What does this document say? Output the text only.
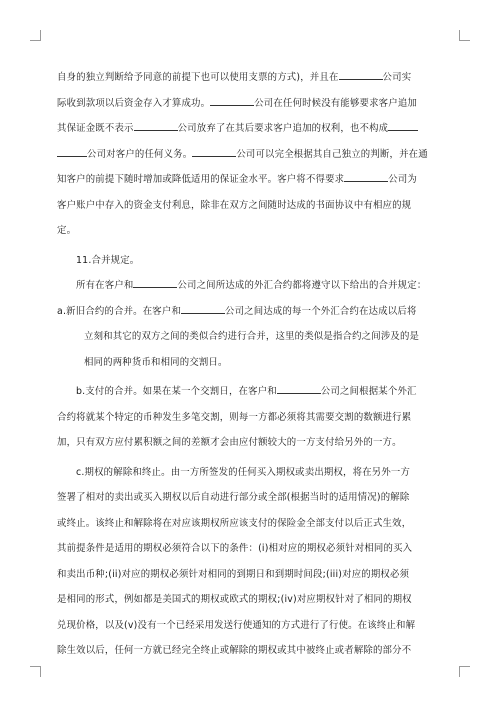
自身的独立判断给予同意的前提下也可以使用支票的方式)，并且在	公司实
际收到款项以后资金存入才算成功。	公司在任何时候没有能够要求客户追加
其保证金既不表示	公司放弃了在其后要求客户追加的权利，也不构成
公司对客户的任何义务。	公司可以完全根据其自己独立的判断，并在通
知客户的前提下随时增加或降低适用的保证金水平。客户将不得要求	公司为
客户账户中存入的资金支付利息，除非在双方之间随时达成的书面协议中有相应的规
定。
11.合并规定。
所有在客户和	公司之间所达成的外汇合约都将遵守以下给出的合并规定：
a.新旧合约的合并。在客户和	公司之间达成的每一个外汇合约在达成以后将
立刻和其它的双方之间的类似合约进行合并，这里的类似是指合约之间涉及的是
相同的两种货币和相同的交割日。
b.支付的合并。如果在某一个交割日，在客户和	公司之间根据某个外汇
合约将就某个特定的币种发生多笔交割，则每一方都必须将其需要交割的数额进行累
加，只有双方应付累积额之间的差额才会由应付额较大的一方支付给另外的一方。
c.期权的解除和终止。由一方所签发的任何买入期权或卖出期权，将在另外一方
签署了相对的卖出或买入期权以后自动进行部分或全部(根据当时的适用情况)的解除
或终止。该终止和解除将在对应该期权所应该支付的保险金全部支付以后正式生效，
其前提条件是适用的期权必须符合以下的条件：(i)相对应的期权必须针对相同的买入
和卖出币种;(ii)对应的期权必须针对相同的到期日和到期时间段;(iii)对应的期权必须
是相同的形式，例如都是美国式的期权或欧式的期权;(iv)对应期权针对了相同的期权
兑现价格，以及(v)没有一个已经采用发送行使通知的方式进行了行使。在该终止和解
除生效以后，任何一方就已经完全终止或解除的期权或其中被终止或者解除的部分不
